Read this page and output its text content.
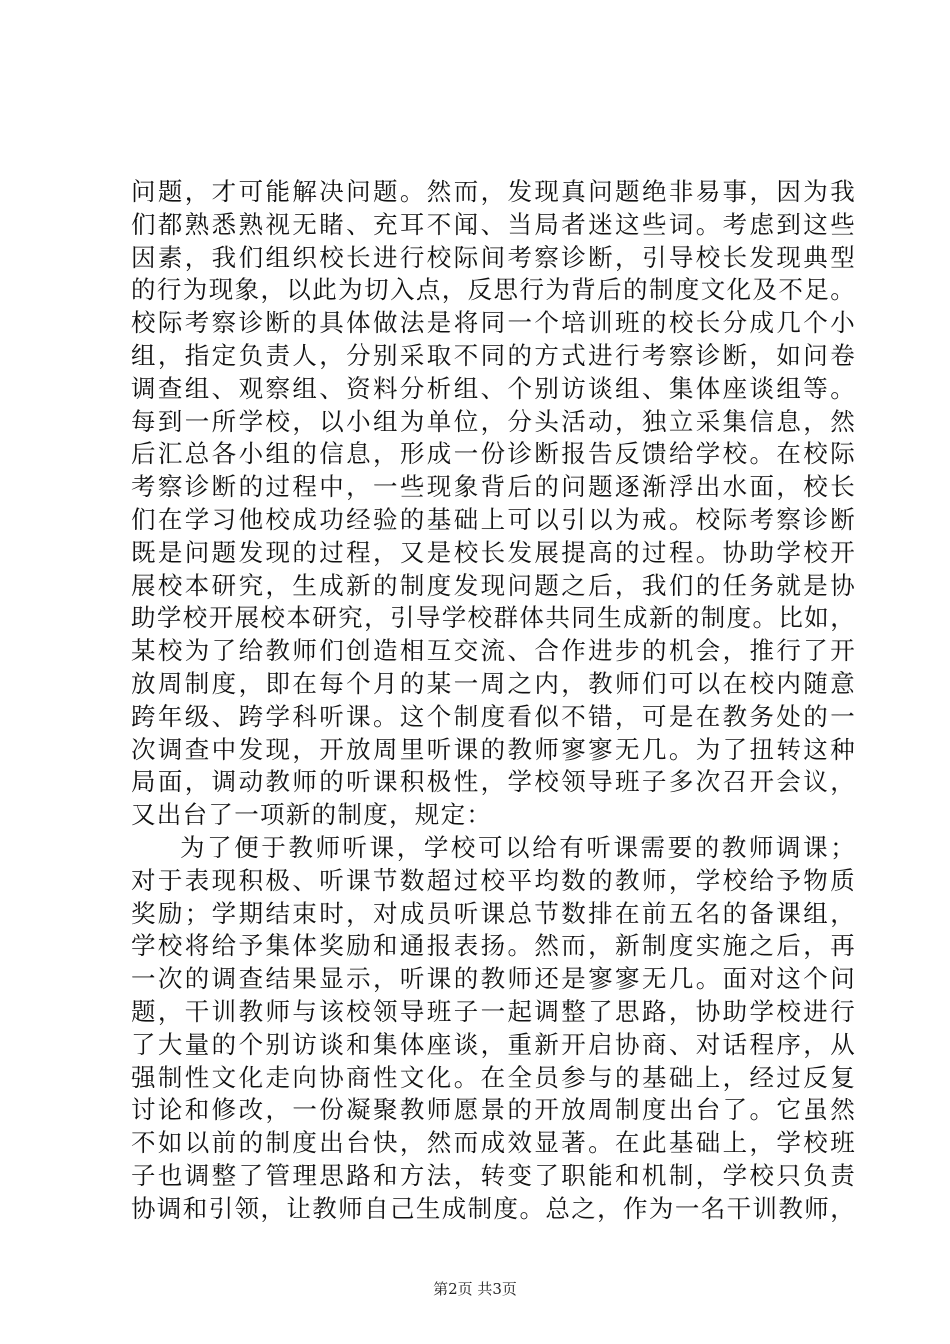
问题，才可能解决问题。然而，发现真问题绝非易事，因为我
们都熟悉熟视无睹、充耳不闻、当局者迷这些词。考虑到这些
因素，我们组织校长进行校际间考察诊断，引导校长发现典型
的行为现象，以此为切入点，反思行为背后的制度文化及不足。
校际考察诊断的具体做法是将同一个培训班的校长分成几个小
组，指定负责人，分别采取不同的方式进行考察诊断，如问卷
调查组、观察组、资料分析组、个别访谈组、集体座谈组等。
每到一所学校，以小组为单位，分头活动，独立采集信息，然
后汇总各小组的信息，形成一份诊断报告反馈给学校。在校际
考察诊断的过程中，一些现象背后的问题逐渐浮出水面，校长
们在学习他校成功经验的基础上可以引以为戒。校际考察诊断
既是问题发现的过程，又是校长发展提高的过程。协助学校开
展校本研究，生成新的制度发现问题之后，我们的任务就是协
助学校开展校本研究，引导学校群体共同生成新的制度。比如，
某校为了给教师们创造相互交流、合作进步的机会，推行了开
放周制度，即在每个月的某一周之内，教师们可以在校内随意
跨年级、跨学科听课。这个制度看似不错，可是在教务处的一
次调查中发现，开放周里听课的教师寥寥无几。为了扭转这种
局面，调动教师的听课积极性，学校领导班子多次召开会议，
又出台了一项新的制度，规定：
为了便于教师听课，学校可以给有听课需要的教师调课；
对于表现积极、听课节数超过校平均数的教师，学校给予物质
奖励；学期结束时，对成员听课总节数排在前五名的备课组，
学校将给予集体奖励和通报表扬。然而，新制度实施之后，再
一次的调查结果显示，听课的教师还是寥寥无几。面对这个问
题，干训教师与该校领导班子一起调整了思路，协助学校进行
了大量的个别访谈和集体座谈，重新开启协商、对话程序，从
强制性文化走向协商性文化。在全员参与的基础上，经过反复
讨论和修改，一份凝聚教师愿景的开放周制度出台了。它虽然
不如以前的制度出台快，然而成效显著。在此基础上，学校班
子也调整了管理思路和方法，转变了职能和机制，学校只负责
协调和引领，让教师自己生成制度。总之，作为一名干训教师，
第2页 共3页
